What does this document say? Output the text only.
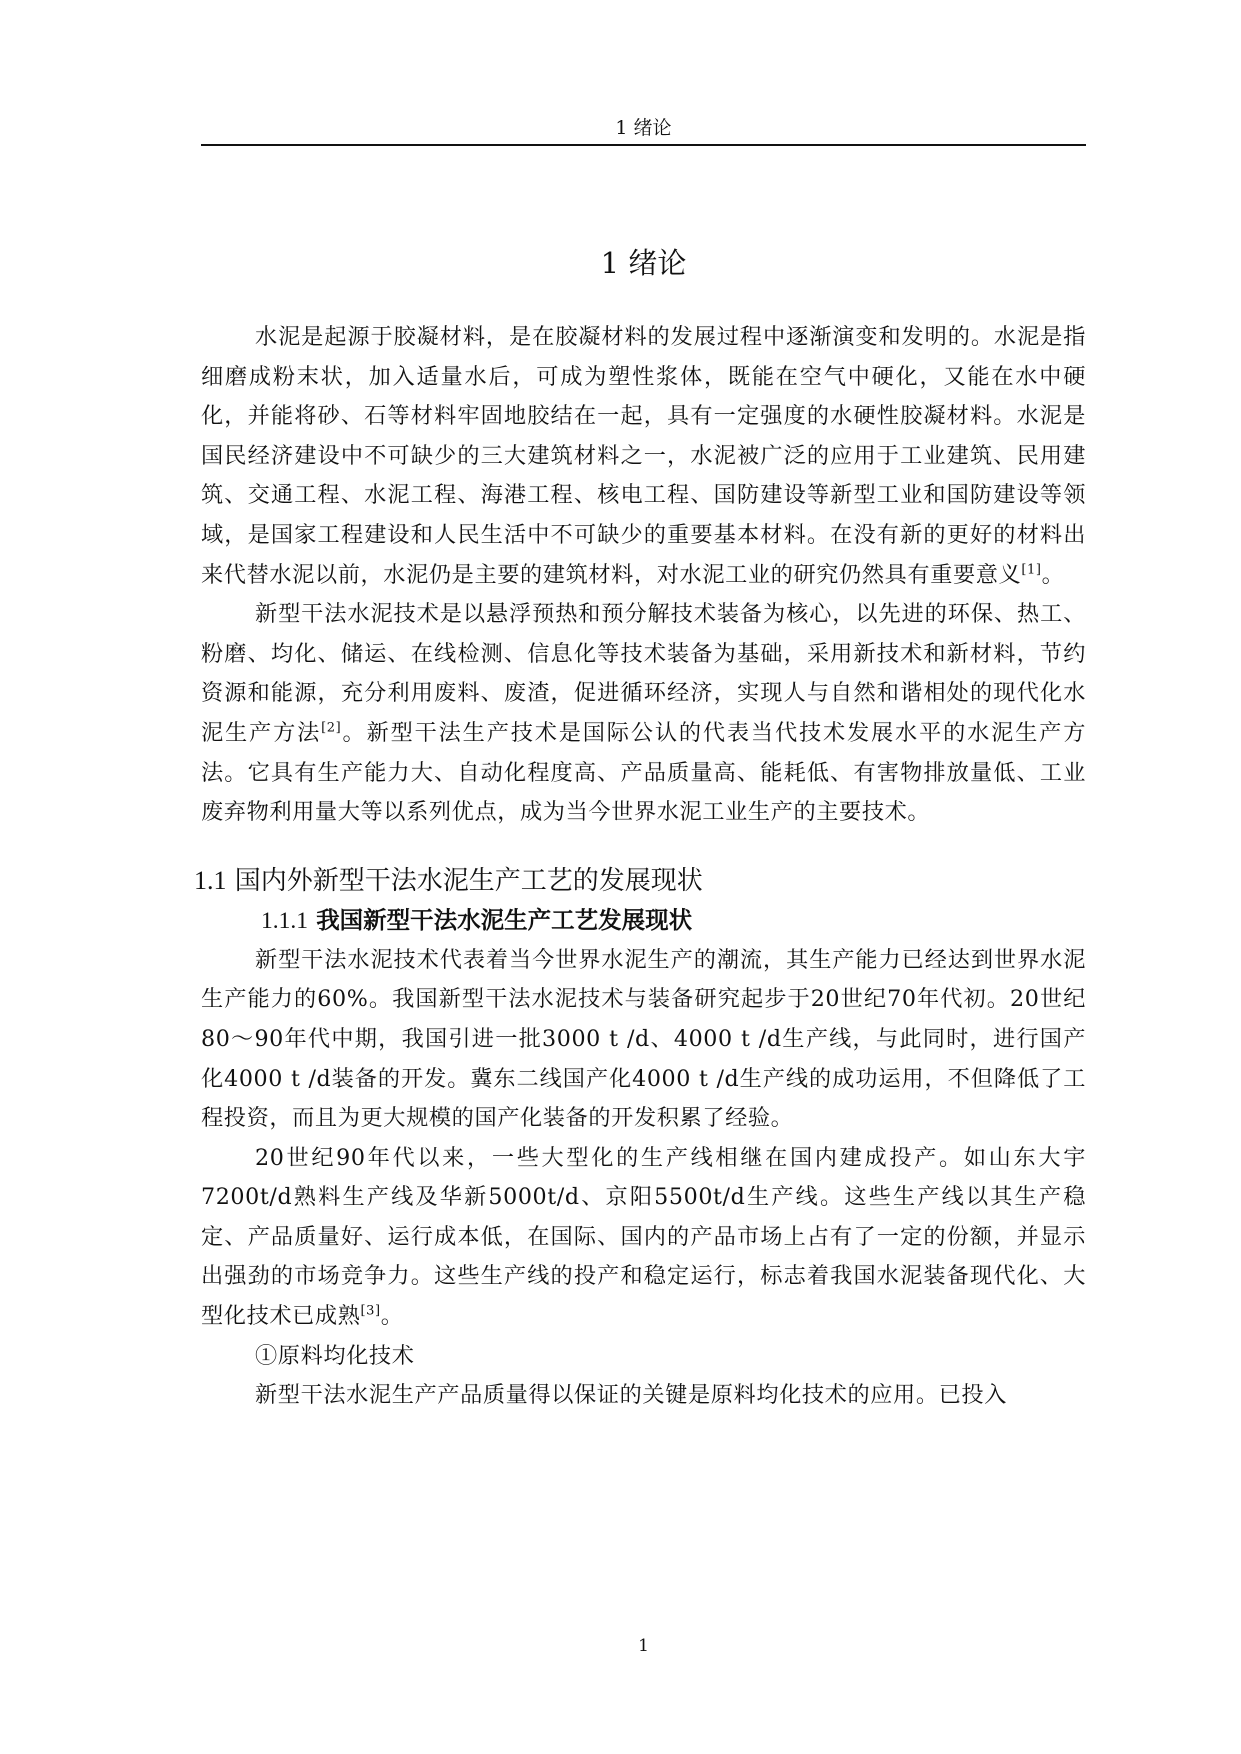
1 绪论
1 绪论

水泥是起源于胶凝材料，是在胶凝材料的发展过程中逐渐演变和发明的。水泥是指细磨成粉末状，加入适量水后，可成为塑性浆体，既能在空气中硬化，又能在水中硬化，并能将砂、石等材料牢固地胶结在一起，具有一定强度的水硬性胶凝材料。水泥是国民经济建设中不可缺少的三大建筑材料之一，水泥被广泛的应用于工业建筑、民用建筑、交通工程、水泥工程、海港工程、核电工程、国防建设等新型工业和国防建设等领域，是国家工程建设和人民生活中不可缺少的重要基本材料。在没有新的更好的材料出来代替水泥以前，水泥仍是主要的建筑材料，对水泥工业的研究仍然具有重要意义[1]。

新型干法水泥技术是以悬浮预热和预分解技术装备为核心，以先进的环保、热工、粉磨、均化、储运、在线检测、信息化等技术装备为基础，采用新技术和新材料，节约资源和能源，充分利用废料、废渣，促进循环经济，实现人与自然和谐相处的现代化水泥生产方法[2]。新型干法生产技术是国际公认的代表当代技术发展水平的水泥生产方法。它具有生产能力大、自动化程度高、产品质量高、能耗低、有害物排放量低、工业废弃物利用量大等以系列优点，成为当今世界水泥工业生产的主要技术。

1.1 国内外新型干法水泥生产工艺的发展现状
1.1.1 我国新型干法水泥生产工艺发展现状

新型干法水泥技术代表着当今世界水泥生产的潮流，其生产能力已经达到世界水泥生产能力的60%。我国新型干法水泥技术与装备研究起步于20世纪70年代初。20世纪80～90年代中期，我国引进一批3000 t /d、4000 t /d生产线，与此同时，进行国产化4000 t /d装备的开发。冀东二线国产化4000 t /d生产线的成功运用，不但降低了工程投资，而且为更大规模的国产化装备的开发积累了经验。

20世纪90年代以来，一些大型化的生产线相继在国内建成投产。如山东大宇7200t/d熟料生产线及华新5000t/d、京阳5500t/d生产线。这些生产线以其生产稳定、产品质量好、运行成本低，在国际、国内的产品市场上占有了一定的份额，并显示出强劲的市场竞争力。这些生产线的投产和稳定运行，标志着我国水泥装备现代化、大型化技术已成熟[3]。

①原料均化技术

新型干法水泥生产产品质量得以保证的关键是原料均化技术的应用。已投入

1
